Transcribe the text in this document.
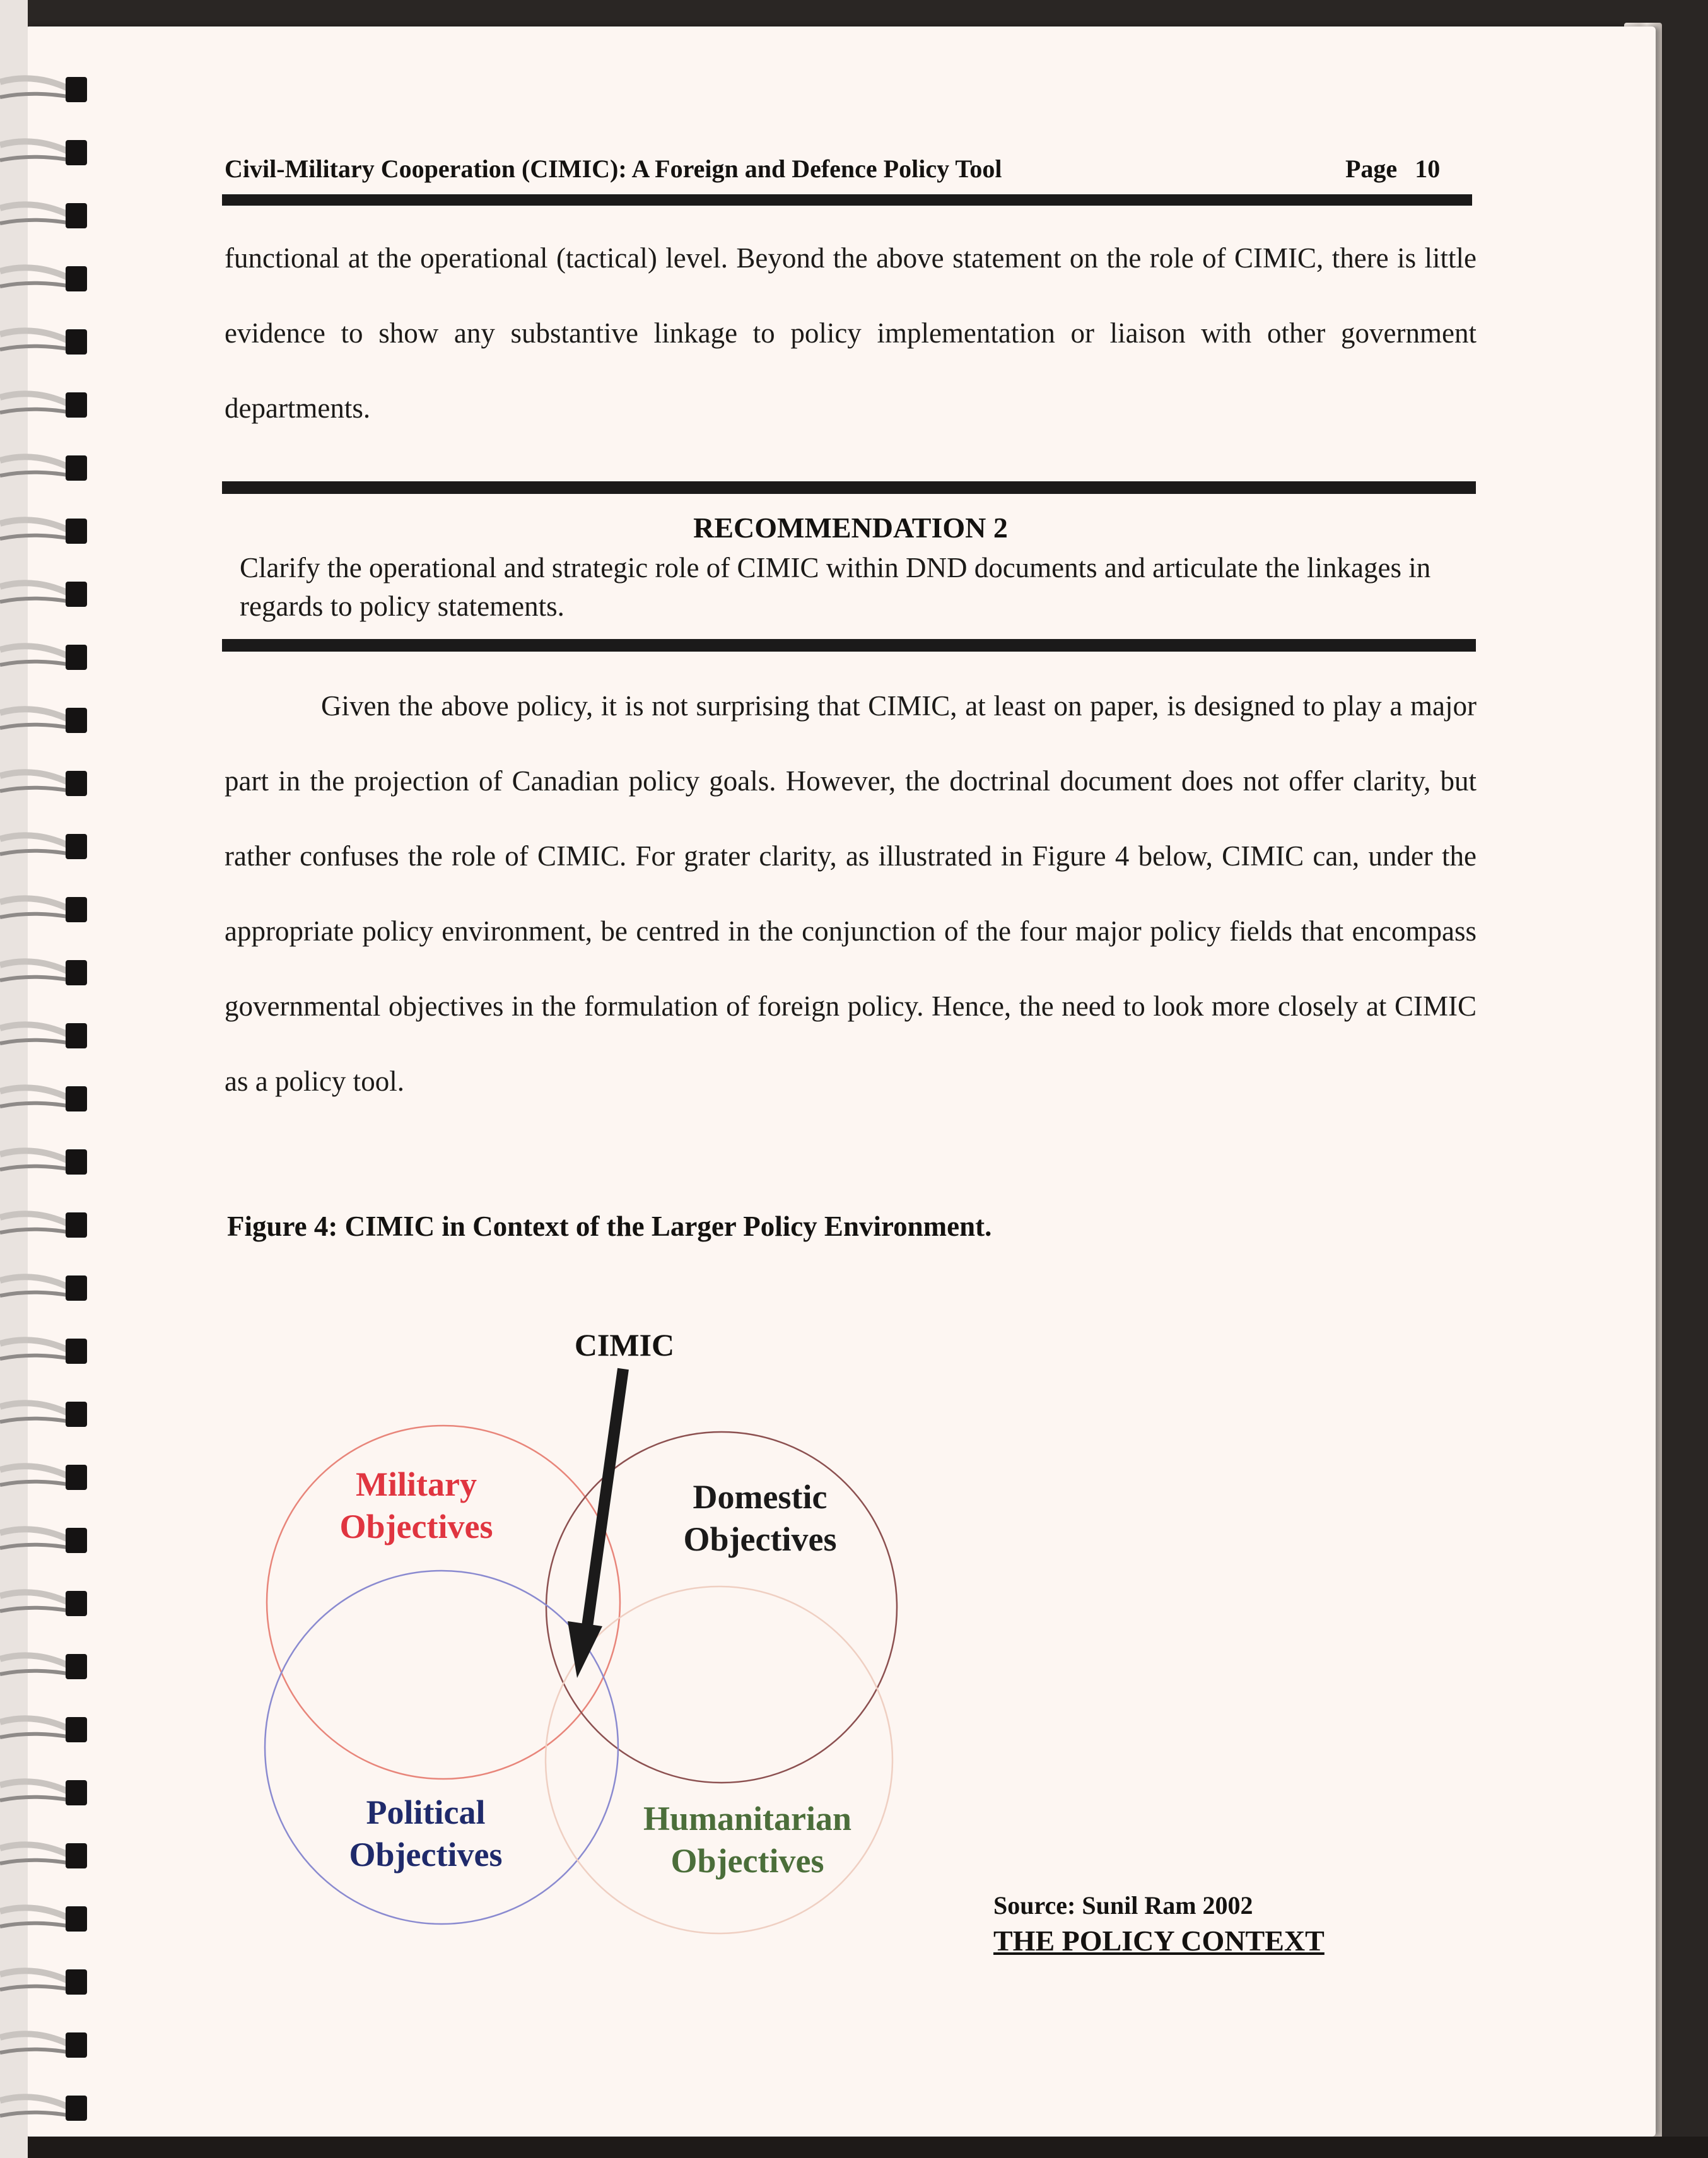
Civil-Military Cooperation (CIMIC): A Foreign and Defence Policy Tool	Page 10

functional at the operational (tactical) level. Beyond the above statement on the role of CIMIC, there is little evidence to show any substantive linkage to policy implementation or liaison with other government departments.

RECOMMENDATION 2

Clarify the operational and strategic role of CIMIC within DND documents and articulate the linkages in regards to policy statements.

Given the above policy, it is not surprising that CIMIC, at least on paper, is designed to play a major part in the projection of Canadian policy goals. However, the doctrinal document does not offer clarity, but rather confuses the role of CIMIC. For grater clarity, as illustrated in Figure 4 below, CIMIC can, under the appropriate policy environment, be centred in the conjunction of the four major policy fields that encompass governmental objectives in the formulation of foreign policy. Hence, the need to look more closely at CIMIC as a policy tool.

Figure 4: CIMIC in Context of the Larger Policy Environment.
CIMIC
Military
Objectives
Domestic
Objectives
Political
Objectives
Humanitarian
Objectives
Source: Sunil Ram 2002
THE POLICY CONTEXT
